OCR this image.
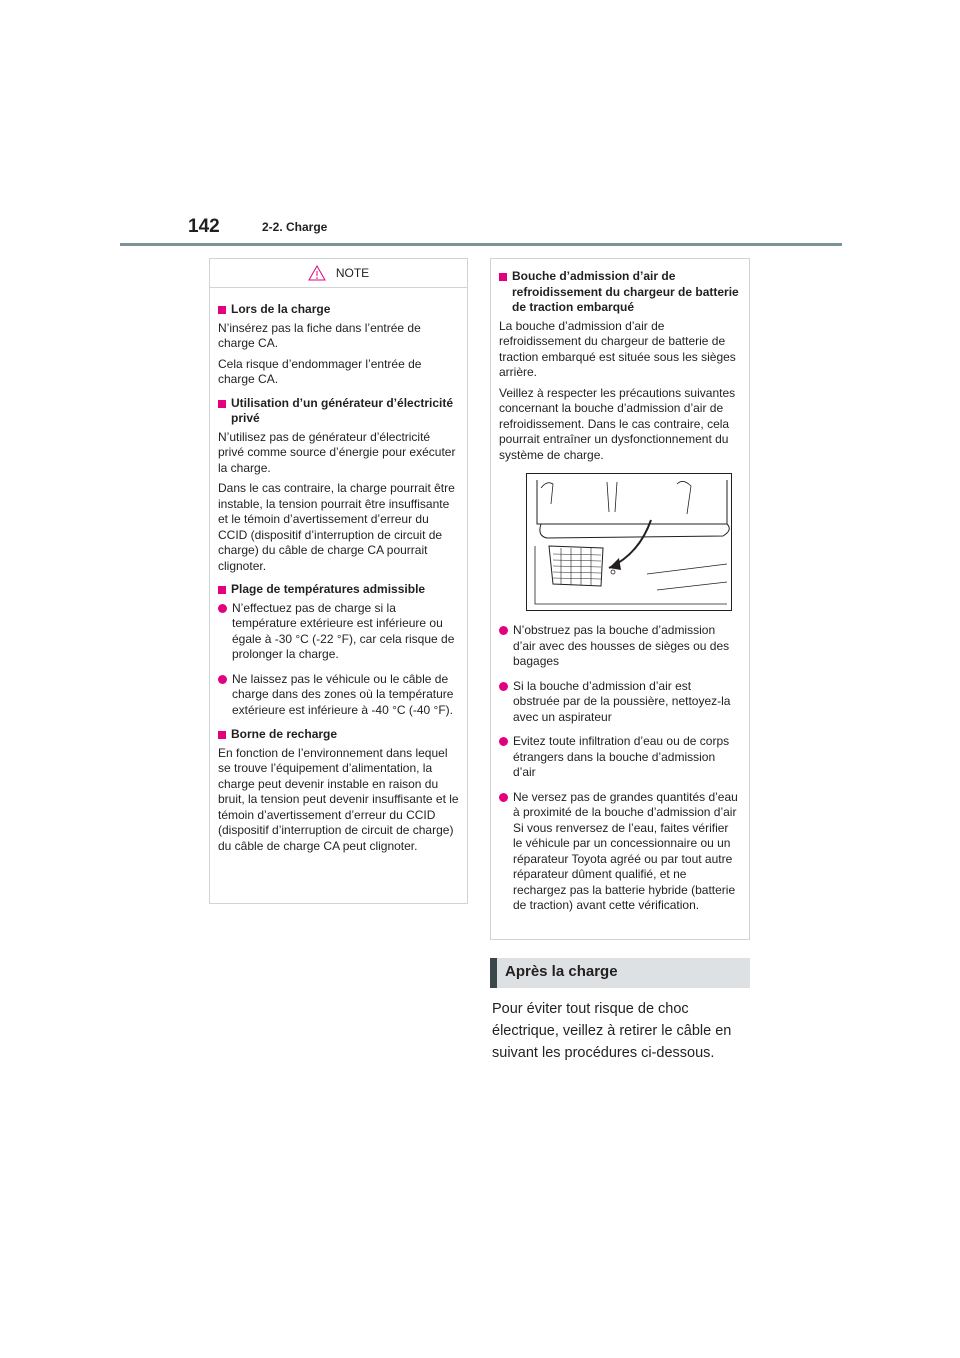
142	2-2. Charge
NOTE
Lors de la charge

N’insérez pas la fiche dans l’entrée de charge CA.

Cela risque d’endommager l’entrée de charge CA.

Utilisation d’un générateur d’électricité privé

N’utilisez pas de générateur d’électricité privé comme source d’énergie pour exécuter la charge.

Dans le cas contraire, la charge pourrait être instable, la tension pourrait être insuffisante et le témoin d’avertissement d’erreur du CCID (dispositif d’interruption de circuit de charge) du câble de charge CA pourrait clignoter.

Plage de températures admissible
N’effectuez pas de charge si la température extérieure est inférieure ou égale à -30 °C (-22 °F), car cela risque de prolonger la charge.
Ne laissez pas le véhicule ou le câble de charge dans des zones où la température extérieure est inférieure à -40 °C (-40 °F).
Borne de recharge

En fonction de l’environnement dans lequel se trouve l’équipement d’alimentation, la charge peut devenir instable en raison du bruit, la tension peut devenir insuffisante et le témoin d’avertissement d’erreur du CCID (dispositif d’interruption de circuit de charge) du câble de charge CA peut clignoter.

Bouche d’admission d’air de refroidissement du chargeur de batterie de traction embarqué

La bouche d’admission d’air de refroidissement du chargeur de batterie de traction embarqué est située sous les sièges arrière.

Veillez à respecter les précautions suivantes concernant la bouche d’admission d’air de refroidissement. Dans le cas contraire, cela pourrait entraîner un dysfonctionnement du système de charge.

N’obstruez pas la bouche d’admission d’air avec des housses de sièges ou des bagages
Si la bouche d’admission d’air est obstruée par de la poussière, nettoyez-la avec un aspirateur
Evitez toute infiltration d’eau ou de corps étrangers dans la bouche d’admission d’air
Ne versez pas de grandes quantités d’eau à proximité de la bouche d’admission d’air
Si vous renversez de l’eau, faites vérifier le véhicule par un concessionnaire ou un réparateur Toyota agréé ou par tout autre réparateur dûment qualifié, et ne rechargez pas la batterie hybride (batterie de traction) avant cette vérification.
Après la charge
Pour éviter tout risque de choc électrique, veillez à retirer le câble en suivant les procédures ci-dessous.
